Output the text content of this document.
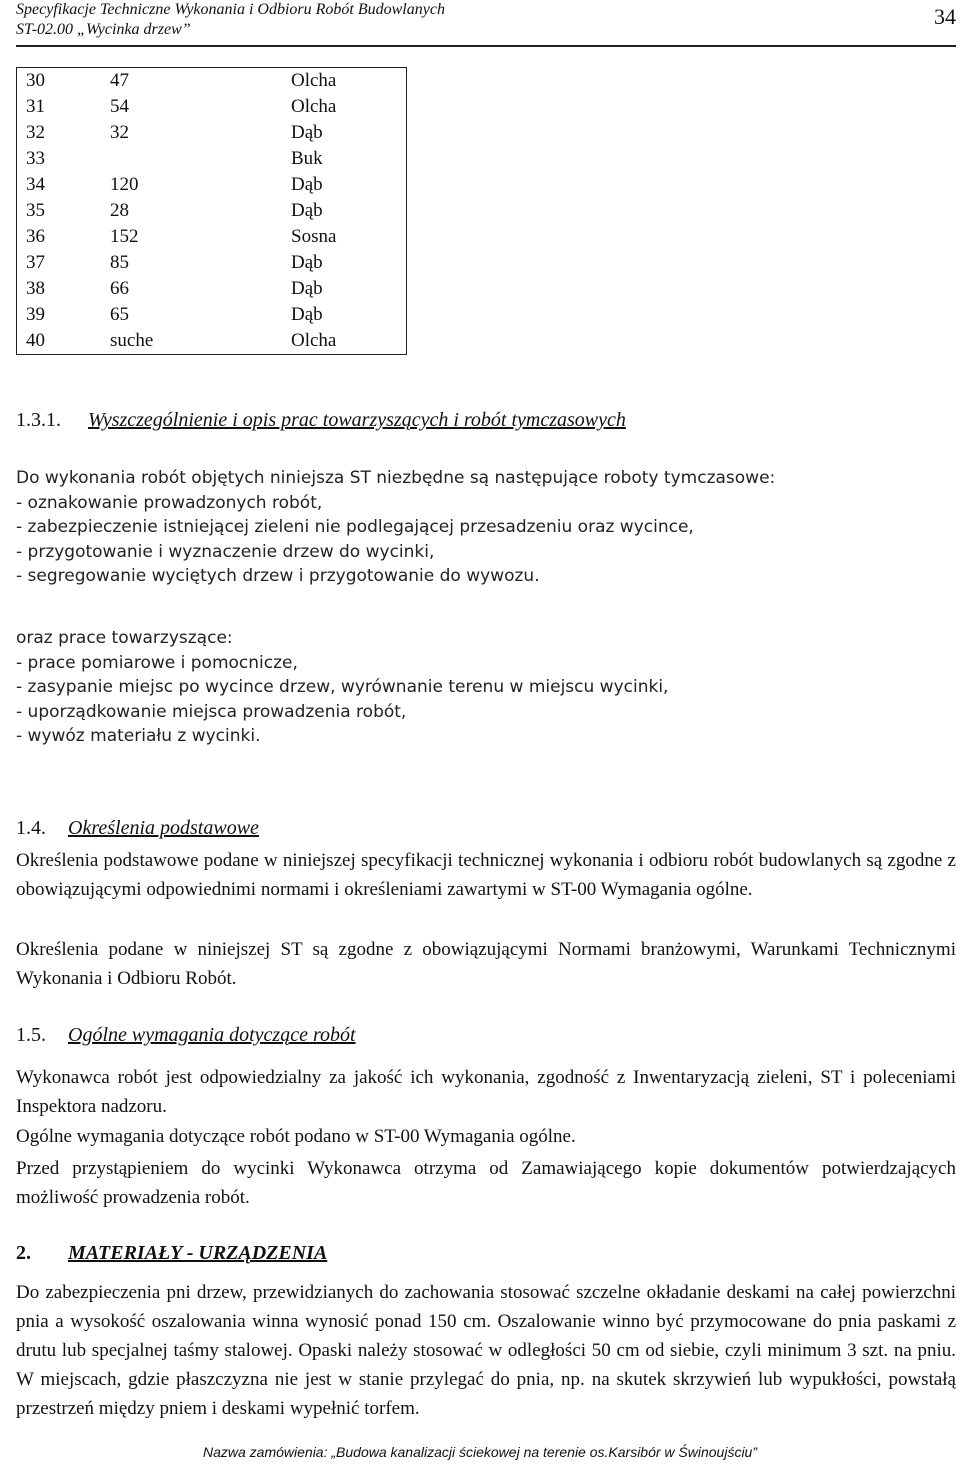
Specyfikacje Techniczne Wykonania i Odbioru Robót Budowlanych
ST-02.00 „Wycinka drzew”
34
30	47	Olcha
31	54	Olcha
32	32	Dąb
33		Buk
34	120	Dąb
35	28	Dąb
36	152	Sosna
37	85	Dąb
38	66	Dąb
39	65	Dąb
40	suche	Olcha
1.3.1. Wyszczególnienie i opis prac towarzyszących i robót tymczasowych
Do wykonania robót objętych niniejsza ST niezbędne są następujące roboty tymczasowe:
- oznakowanie prowadzonych robót,
- zabezpieczenie istniejącej zieleni nie podlegającej przesadzeniu oraz wycince,
- przygotowanie i wyznaczenie drzew do wycinki,
- segregowanie wyciętych drzew i przygotowanie do wywozu.
oraz prace towarzyszące:
- prace pomiarowe i pomocnicze,
- zasypanie miejsc po wycince drzew, wyrównanie terenu w miejscu wycinki,
- uporządkowanie miejsca prowadzenia robót,
- wywóz materiału z wycinki.
1.4. Określenia podstawowe
Określenia podstawowe podane w niniejszej specyfikacji technicznej wykonania i odbioru robót budowlanych są zgodne z obowiązującymi odpowiednimi normami i określeniami zawartymi w ST-00 Wymagania ogólne.
Określenia podane w niniejszej ST są zgodne z obowiązującymi Normami branżowymi, Warunkami Technicznymi Wykonania i Odbioru Robót.
1.5. Ogólne wymagania dotyczące robót
Wykonawca robót jest odpowiedzialny za jakość ich wykonania, zgodność z Inwentaryzacją zieleni, ST i poleceniami Inspektora nadzoru.
Ogólne wymagania dotyczące robót podano w ST-00 Wymagania ogólne.
Przed przystąpieniem do wycinki Wykonawca otrzyma od Zamawiającego kopie dokumentów potwierdzających możliwość prowadzenia robót.
2. MATERIAŁY - URZĄDZENIA
Do zabezpieczenia pni drzew, przewidzianych do zachowania stosować szczelne okładanie deskami na całej powierzchni pnia a wysokość oszalowania winna wynosić ponad 150 cm. Oszalowanie winno być przymocowane do pnia paskami z drutu lub specjalnej taśmy stalowej. Opaski należy stosować w odległości 50 cm od siebie, czyli minimum 3 szt. na pniu. W miejscach, gdzie płaszczyzna nie jest w stanie przylegać do pnia, np. na skutek skrzywień lub wypukłości, powstałą przestrzeń między pniem i deskami wypełnić torfem.
Nazwa zamówienia: „Budowa kanalizacji ściekowej na terenie os.Karsibór w Świnoujściu”
